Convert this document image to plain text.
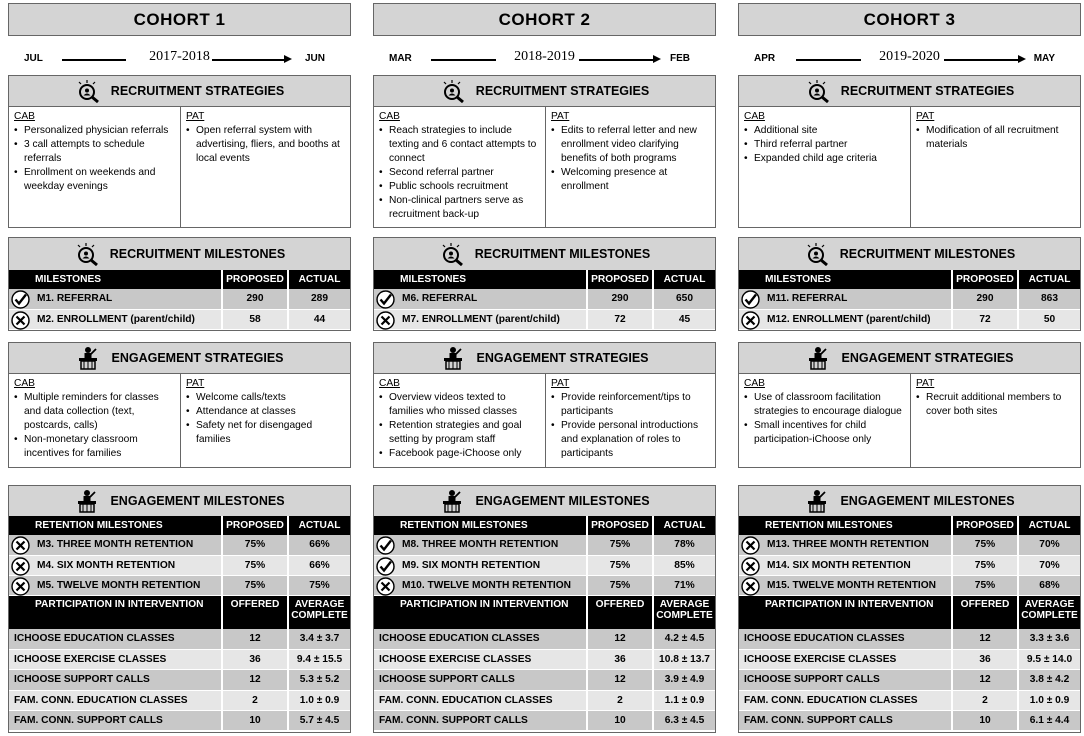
COHORT 1
JUL	2017-2018	JUN
RECRUITMENT STRATEGIES
CAB
• Personalized physician referrals
• 3 call attempts to schedule referrals
• Enrollment on weekends and weekday evenings
PAT
• Open referral system with advertising, fliers, and booths at local events
RECRUITMENT MILESTONES
MILESTONES	PROPOSED	ACTUAL

M1. REFERRAL	290	289

M2. ENROLLMENT (parent/child)	58	44
ENGAGEMENT STRATEGIES
CAB
• Multiple reminders for classes and data collection (text, postcards, calls)
• Non-monetary classroom incentives for families
PAT
• Welcome calls/texts
• Attendance at classes
• Safety net for disengaged families
ENGAGEMENT MILESTONES
RETENTION MILESTONES	PROPOSED	ACTUAL

M3. THREE MONTH RETENTION	75%	66%

M4. SIX MONTH RETENTION	75%	66%

M5. TWELVE MONTH RETENTION	75%	75%
PARTICIPATION IN INTERVENTION	OFFERED	AVERAGE COMPLETE
ICHOOSE EDUCATION CLASSES	12	3.4 ± 3.7
ICHOOSE EXERCISE CLASSES	36	9.4 ± 15.5
ICHOOSE SUPPORT CALLS	12	5.3 ± 5.2
FAM. CONN. EDUCATION CLASSES	2	1.0 ± 0.9
FAM. CONN. SUPPORT CALLS	10	5.7 ± 4.5
COHORT 2
MAR	2018-2019	FEB
RECRUITMENT STRATEGIES
CAB
• Reach strategies to include texting and 6 contact attempts to connect
• Second referral partner
• Public schools recruitment
• Non-clinical partners serve as recruitment back-up
PAT
• Edits to referral letter and new enrollment video clarifying benefits of both programs
• Welcoming presence at enrollment
RECRUITMENT MILESTONES
MILESTONES	PROPOSED	ACTUAL

M6. REFERRAL	290	650

M7. ENROLLMENT (parent/child)	72	45
ENGAGEMENT STRATEGIES
CAB
• Overview videos texted to families who missed classes
• Retention strategies and goal setting by program staff
• Facebook page-iChoose only
PAT
• Provide reinforcement/tips to participants
• Provide personal introductions and explanation of roles to participants
ENGAGEMENT MILESTONES
RETENTION MILESTONES	PROPOSED	ACTUAL

M8. THREE MONTH RETENTION	75%	78%

M9. SIX MONTH RETENTION	75%	85%

M10. TWELVE MONTH RETENTION	75%	71%
PARTICIPATION IN INTERVENTION	OFFERED	AVERAGE COMPLETE
ICHOOSE EDUCATION CLASSES	12	4.2 ± 4.5
ICHOOSE EXERCISE CLASSES	36	10.8 ± 13.7
ICHOOSE SUPPORT CALLS	12	3.9 ± 4.9
FAM. CONN. EDUCATION CLASSES	2	1.1 ± 0.9
FAM. CONN. SUPPORT CALLS	10	6.3 ± 4.5
COHORT 3
APR	2019-2020	MAY
RECRUITMENT STRATEGIES
CAB
• Additional site
• Third referral partner
• Expanded child age criteria
PAT
• Modification of all recruitment materials
RECRUITMENT MILESTONES
MILESTONES	PROPOSED	ACTUAL

M11. REFERRAL	290	863

M12. ENROLLMENT (parent/child)	72	50
ENGAGEMENT STRATEGIES
CAB
• Use of classroom facilitation strategies to encourage dialogue
• Small incentives for child participation-iChoose only
PAT
• Recruit additional members to cover both sites
ENGAGEMENT MILESTONES
RETENTION MILESTONES	PROPOSED	ACTUAL

M13. THREE MONTH RETENTION	75%	70%

M14. SIX MONTH RETENTION	75%	70%

M15. TWELVE MONTH RETENTION	75%	68%
PARTICIPATION IN INTERVENTION	OFFERED	AVERAGE COMPLETE
ICHOOSE EDUCATION CLASSES	12	3.3 ± 3.6
ICHOOSE EXERCISE CLASSES	36	9.5 ± 14.0
ICHOOSE SUPPORT CALLS	12	3.8 ± 4.2
FAM. CONN. EDUCATION CLASSES	2	1.0 ± 0.9
FAM. CONN. SUPPORT CALLS	10	6.1 ± 4.4
